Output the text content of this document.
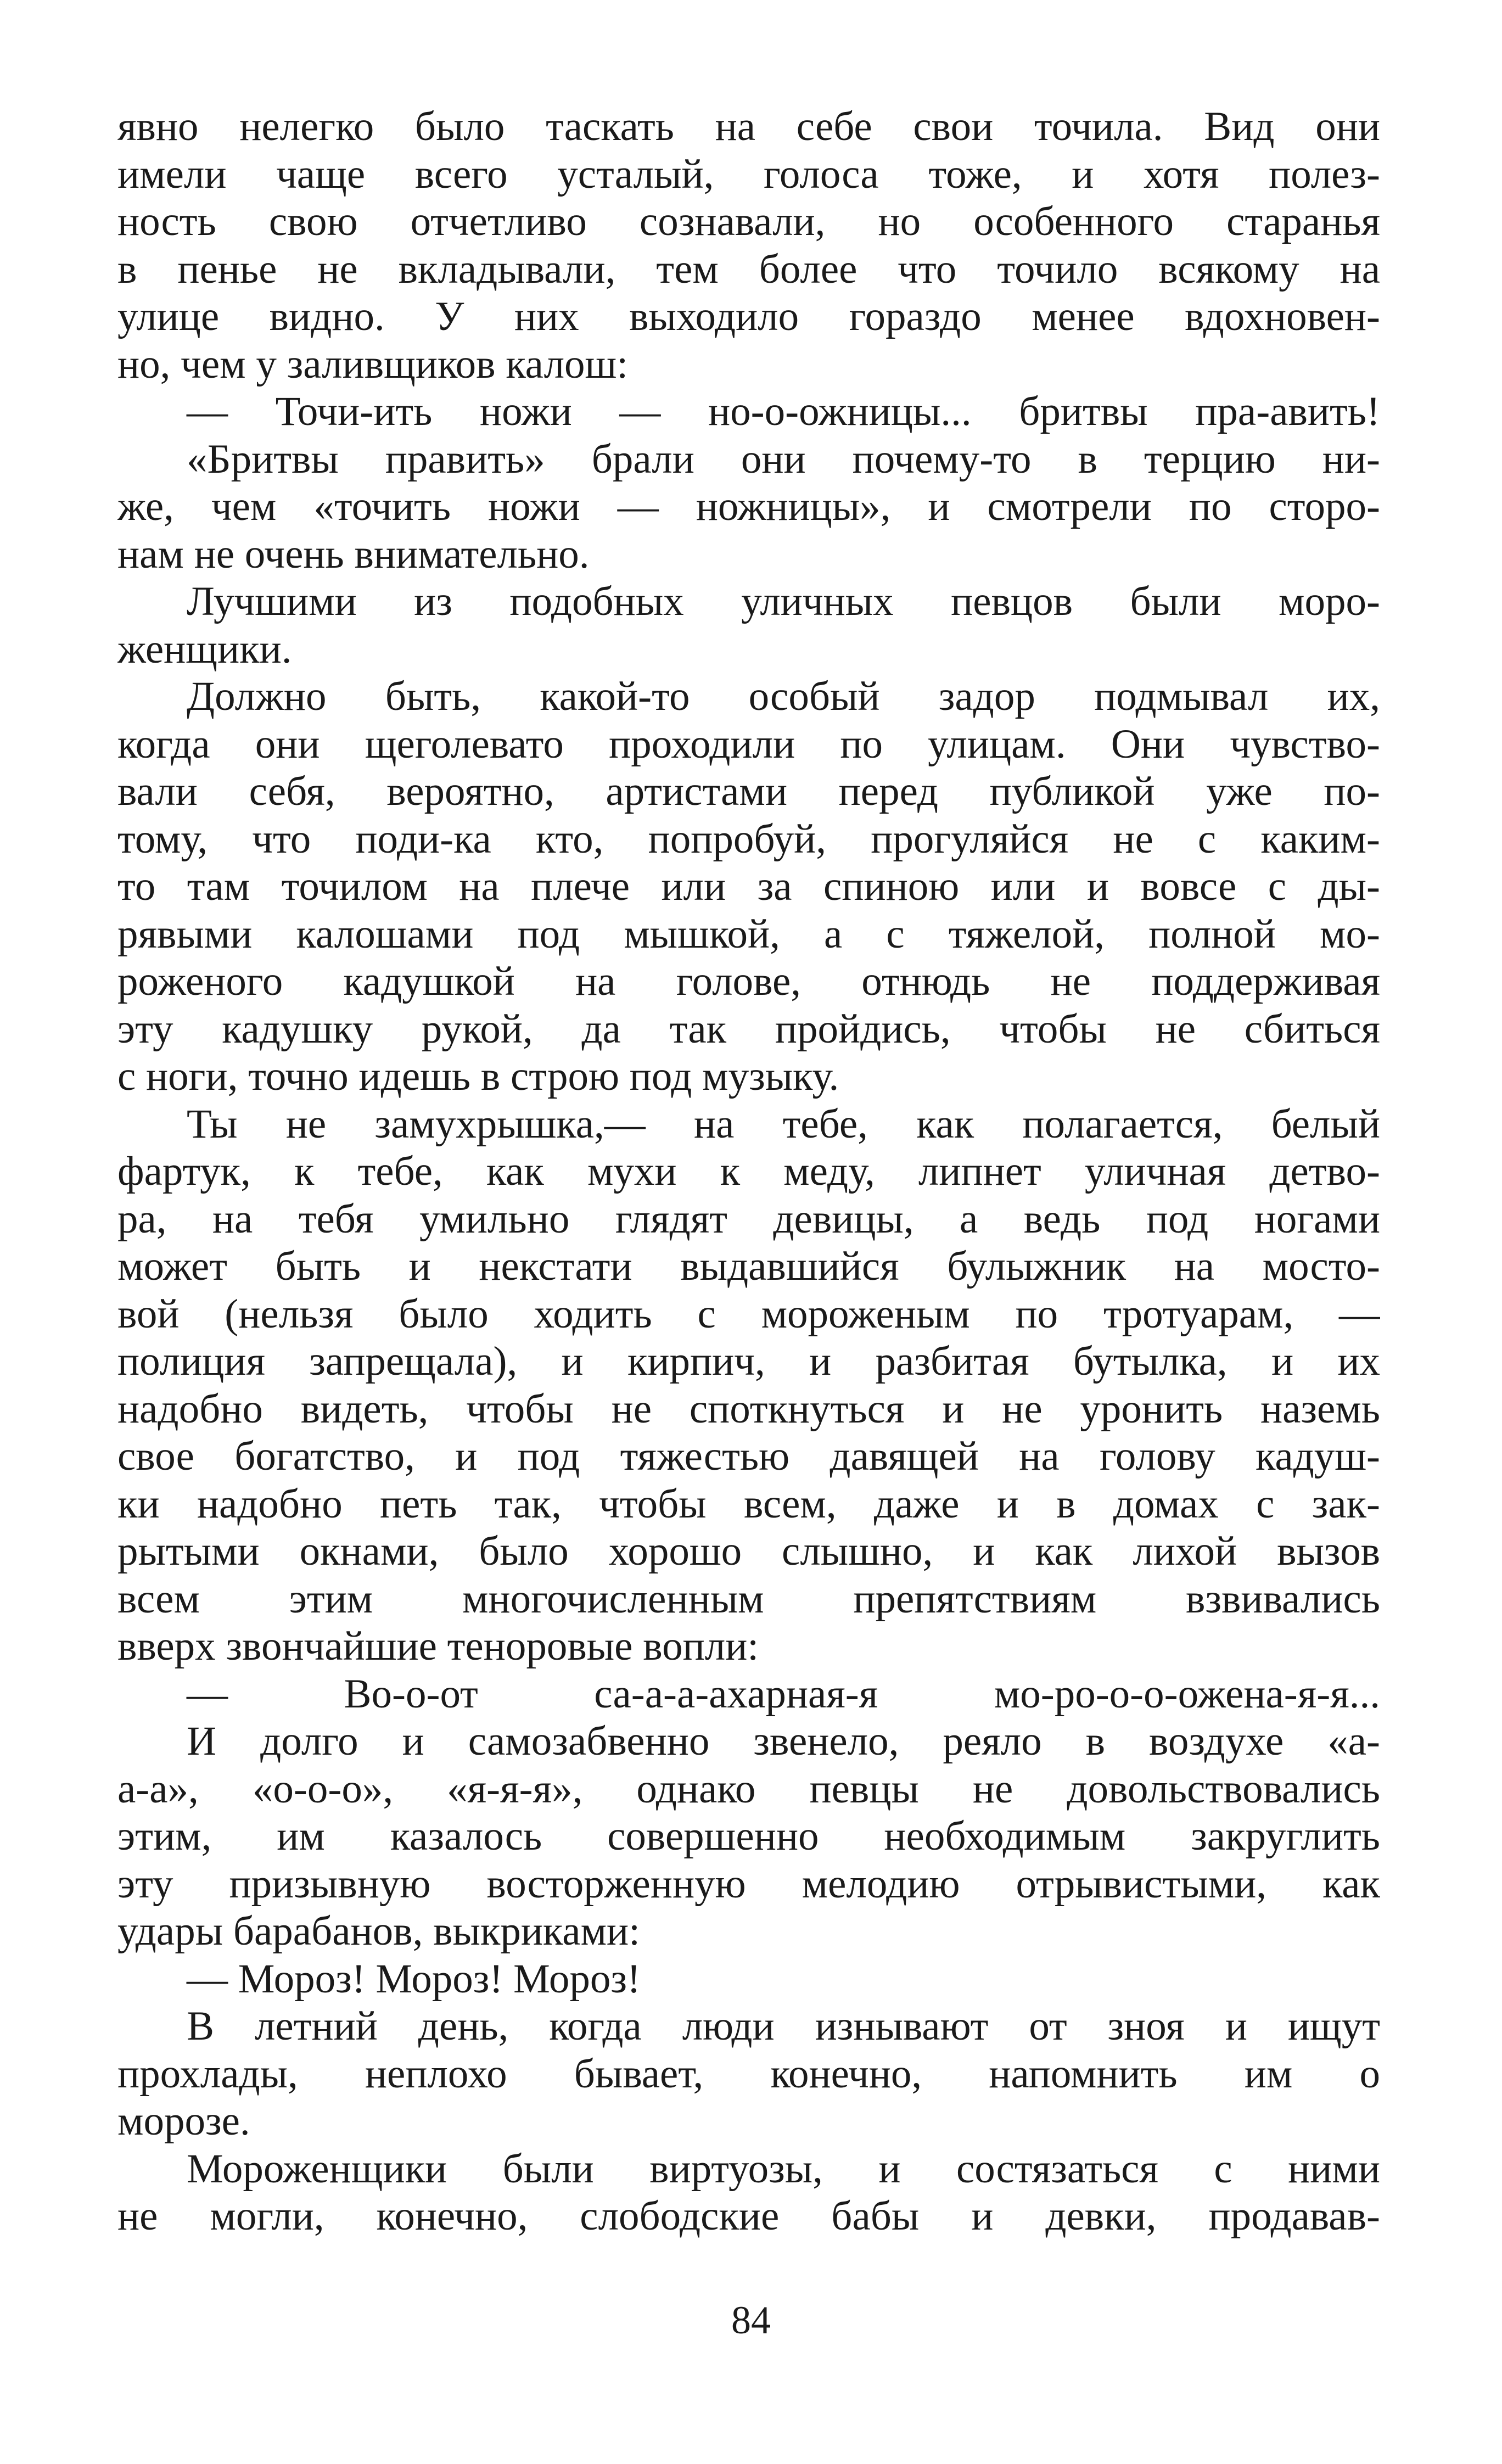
явно нелегко было таскать на себе свои точила. Вид они
имели чаще всего усталый, голоса тоже, и хотя полез-
ность свою отчетливо сознавали, но особенного старанья
в пенье не вкладывали, тем более что точило всякому на
улице видно. У них выходило гораздо менее вдохновен-
но, чем у заливщиков калош:
— Точи-ить ножи — но-о-ожницы... бритвы пра-авить!
«Бритвы править» брали они почему-то в терцию ни-
же, чем «точить ножи — ножницы», и смотрели по сторо-
нам не очень внимательно.
Лучшими из подобных уличных певцов были моро-
женщики.
Должно быть, какой-то особый задор подмывал их,
когда они щеголевато проходили по улицам. Они чувство-
вали себя, вероятно, артистами перед публикой уже по-
тому, что поди-ка кто, попробуй, прогуляйся не с каким-
то там точилом на плече или за спиною или и вовсе с ды-
рявыми калошами под мышкой, а с тяжелой, полной мо-
роженого кадушкой на голове, отнюдь не поддерживая
эту кадушку рукой, да так пройдись, чтобы не сбиться
с ноги, точно идешь в строю под музыку.
Ты не замухрышка,— на тебе, как полагается, белый
фартук, к тебе, как мухи к меду, липнет уличная детво-
ра, на тебя умильно глядят девицы, а ведь под ногами
может быть и некстати выдавшийся булыжник на мосто-
вой (нельзя было ходить с мороженым по тротуарам, —
полиция запрещала), и кирпич, и разбитая бутылка, и их
надобно видеть, чтобы не споткнуться и не уронить наземь
свое богатство, и под тяжестью давящей на голову кадуш-
ки надобно петь так, чтобы всем, даже и в домах с зак-
рытыми окнами, было хорошо слышно, и как лихой вызов
всем этим многочисленным препятствиям взвивались
вверх звончайшие теноровые вопли:
— Во-о-от са-а-а-ахарная-я мо-ро-о-о-ожена-я-я...
И долго и самозабвенно звенело, реяло в воздухе «а-
а-а», «о-о-о», «я-я-я», однако певцы не довольствовались
этим, им казалось совершенно необходимым закруглить
эту призывную восторженную мелодию отрывистыми, как
удары барабанов, выкриками:
— Мороз! Мороз! Мороз!
В летний день, когда люди изнывают от зноя и ищут
прохлады, неплохо бывает, конечно, напомнить им о
морозе.
Мороженщики были виртуозы, и состязаться с ними
не могли, конечно, слободские бабы и девки, продавав-
84
